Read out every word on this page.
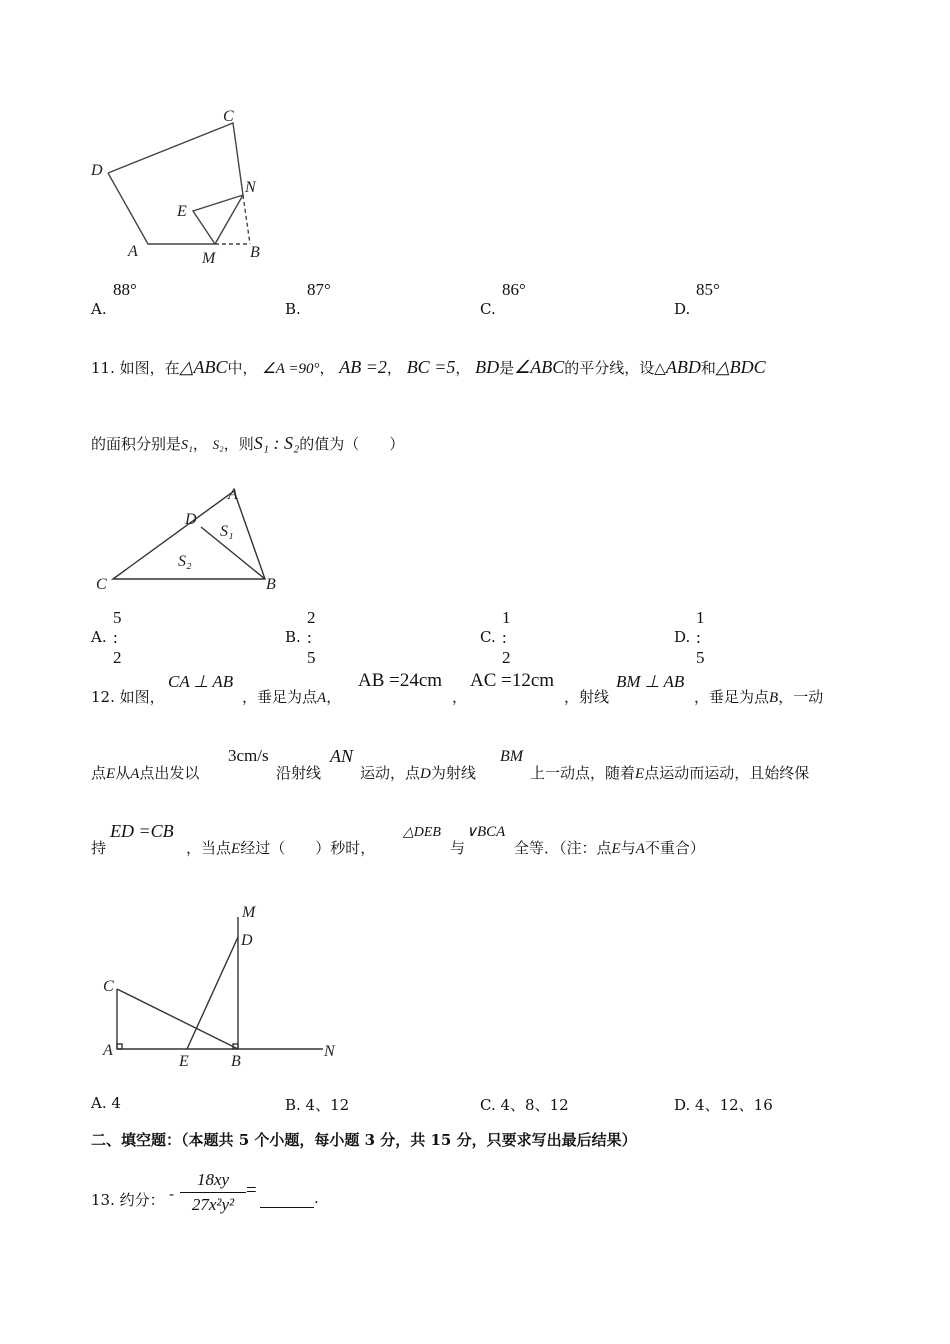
C
D
N
E
A	M B
A.
88°
B.
87°
C.
86°
D.
85°
11. 如图，在△ABC中， ∠A =90°， AB =2， BC =5， BD是∠ABC的平分线，设△ABD和△BDC
的面积分别是S₁， S₂，则S₁ : S₂的值为（　　）
A
D
S₁
S₂
C	B
A.
5 : 2
B.
2 : 5
C.
1 : 2
D.
1 : 5
12. 如图，
CA ⊥ AB
，垂足为点A，
AB =24cm
，
AC =12cm
，射线
BM ⊥ AB
，垂足为点B，一动
点E从A点出发以
3cm/s
沿射线
AN
运动，点D为射线
BM
上一动点，随着E点运动而运动，且始终保
持
ED =CB
，当点E经过（　　）秒时，
△DEB
与
∨BCA
全等．（注：点E与A不重合）
M
D
C
A
E	B
N
A. 4	B. 4、12	C. 4、8、12	D. 4、12、16
二、填空题：（本题共 5 个小题，每小题 3 分，共 15 分，只要求写出最后结果）
13. 约分： - $\frac{18xy}{\text{27x²y²}}$ =	.
